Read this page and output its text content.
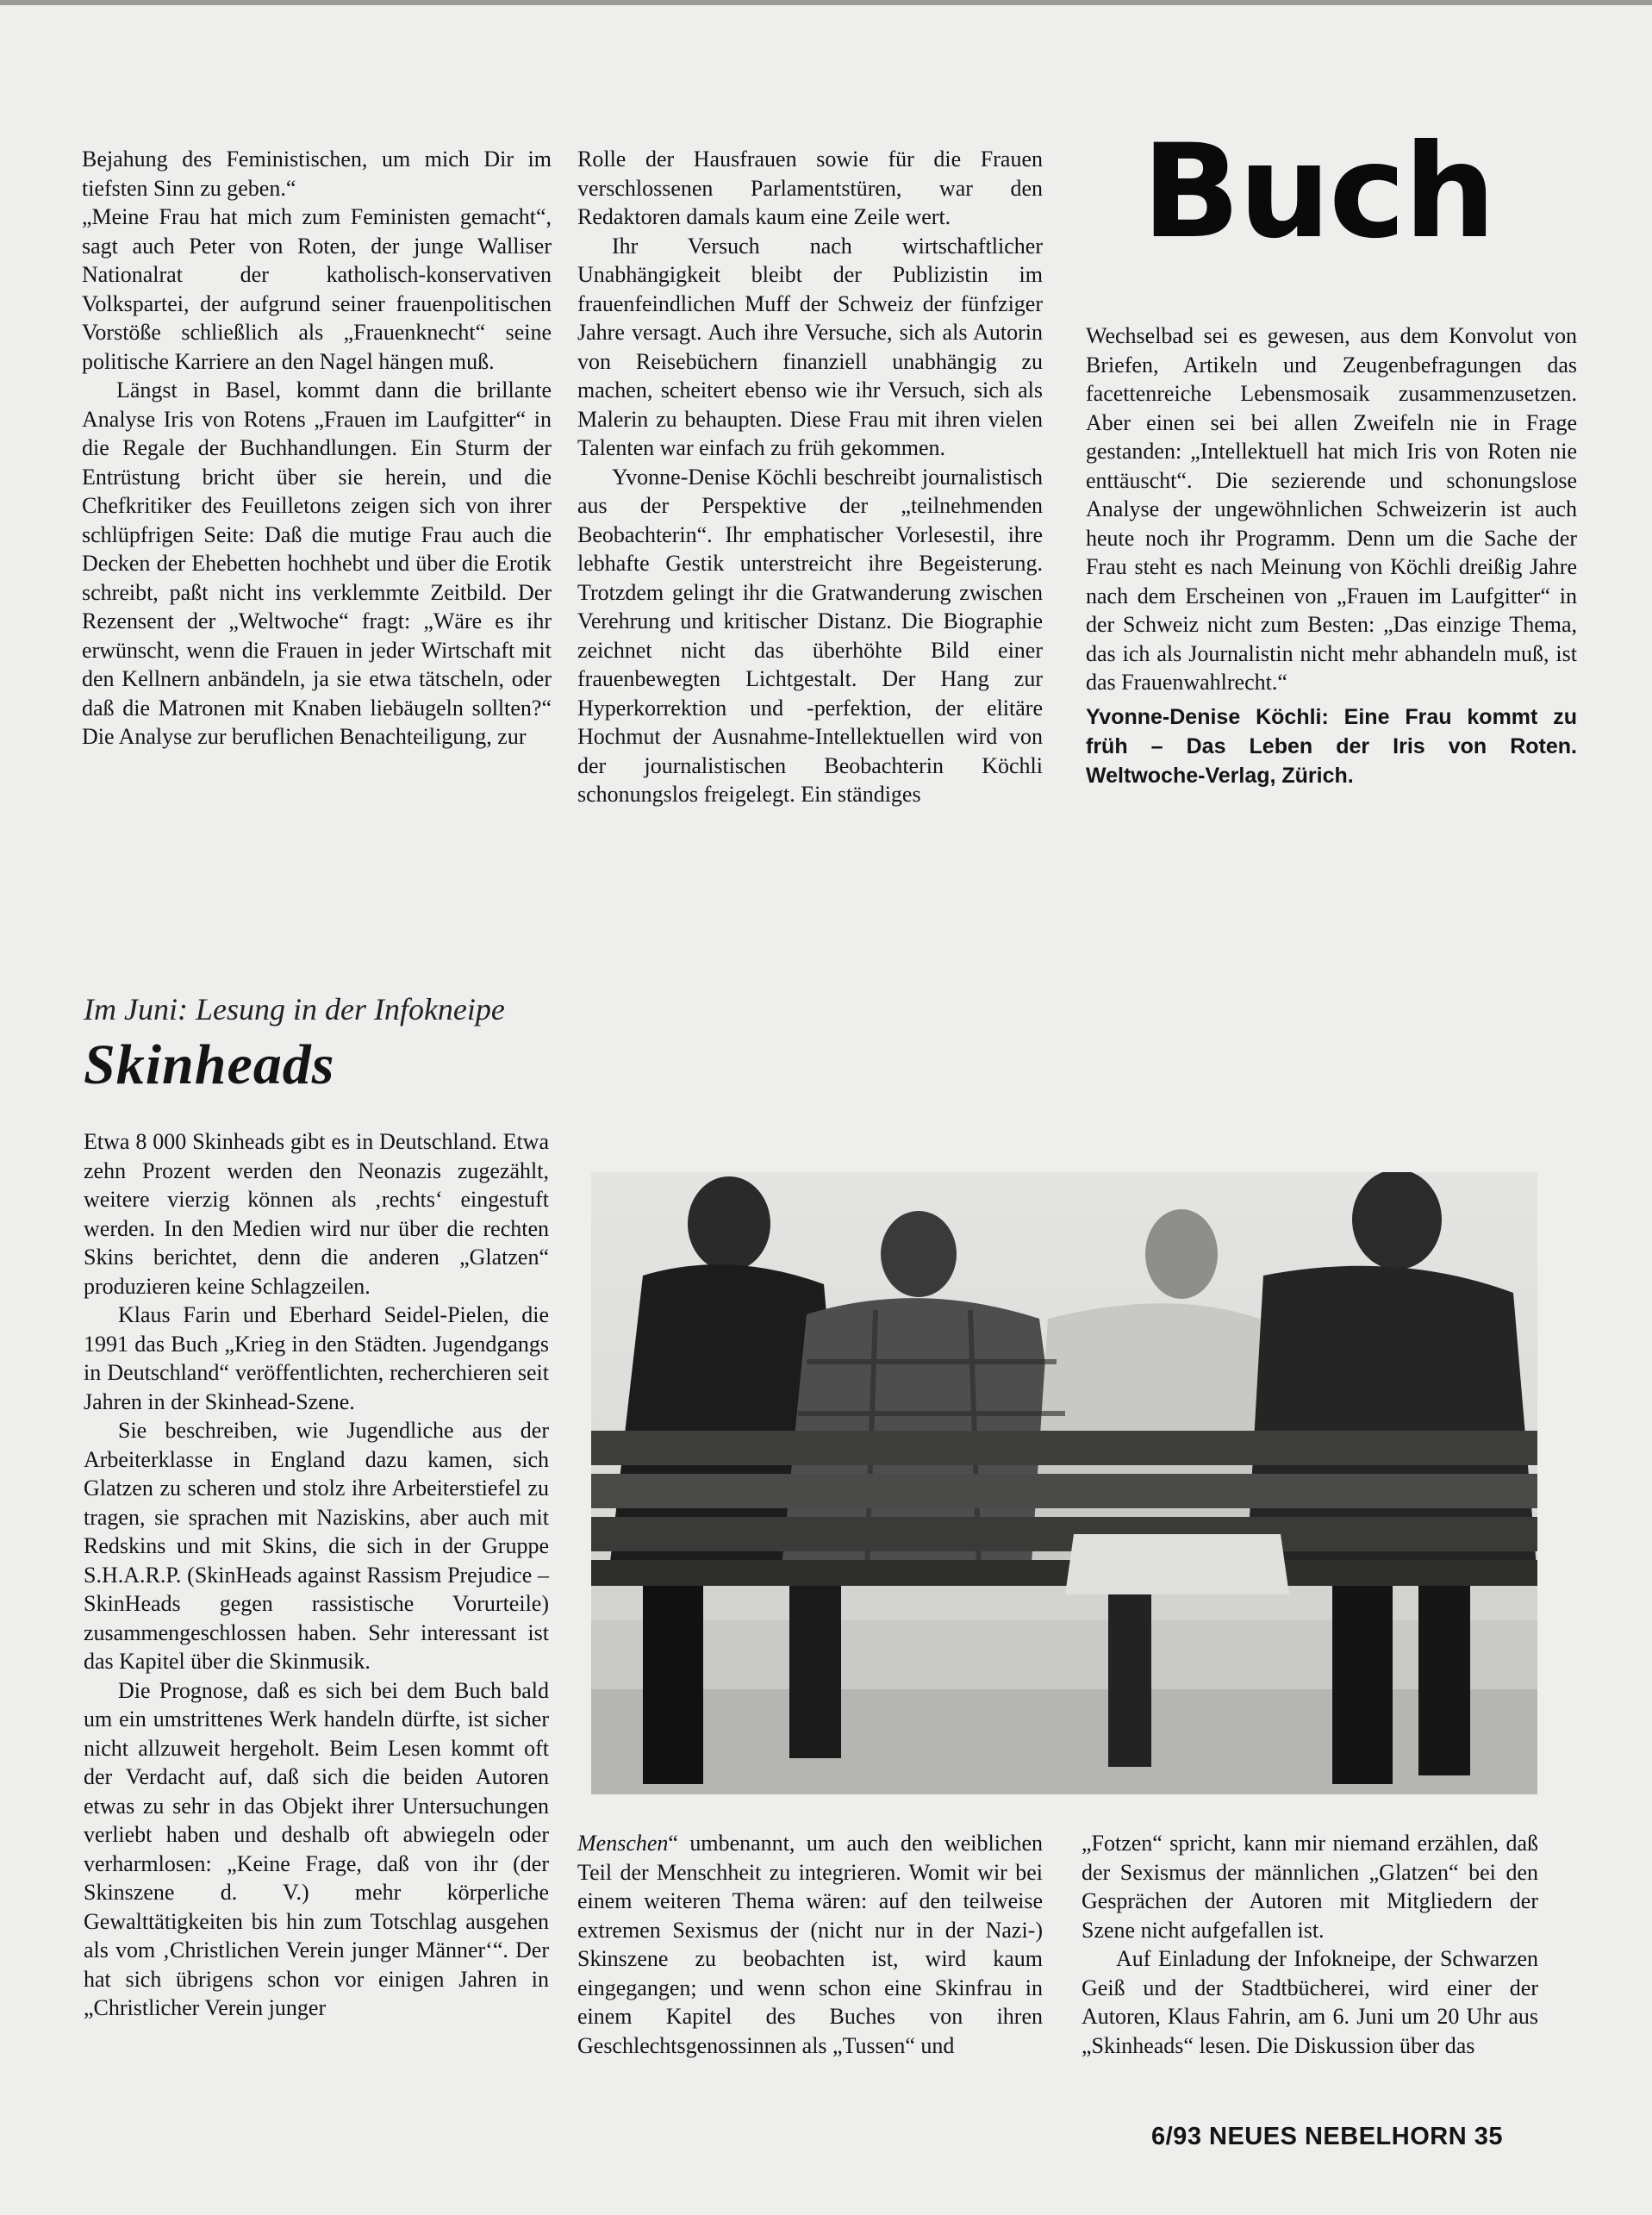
Bejahung des Feministischen, um mich Dir im tiefsten Sinn zu geben.“

„Meine Frau hat mich zum Feministen gemacht“, sagt auch Peter von Roten, der junge Walliser Nationalrat der katholisch-konservativen Volkspartei, der aufgrund seiner frauenpolitischen Vorstöße schließlich als „Frauenknecht“ seine politische Karriere an den Nagel hängen muß.

Längst in Basel, kommt dann die brillante Analyse Iris von Rotens „Frauen im Laufgitter“ in die Regale der Buchhandlungen. Ein Sturm der Entrüstung bricht über sie herein, und die Chefkritiker des Feuilletons zeigen sich von ihrer schlüpfrigen Seite: Daß die mutige Frau auch die Decken der Ehebetten hochhebt und über die Erotik schreibt, paßt nicht ins verklemmte Zeitbild. Der Rezensent der „Weltwoche“ fragt: „Wäre es ihr erwünscht, wenn die Frauen in jeder Wirtschaft mit den Kellnern anbändeln, ja sie etwa tätscheln, oder daß die Matronen mit Knaben liebäugeln sollten?“ Die Analyse zur beruflichen Benachteiligung, zur

Rolle der Hausfrauen sowie für die Frauen verschlossenen Parlamentstüren, war den Redaktoren damals kaum eine Zeile wert.

Ihr Versuch nach wirtschaftlicher Unabhängigkeit bleibt der Publizistin im frauenfeindlichen Muff der Schweiz der fünfziger Jahre versagt. Auch ihre Versuche, sich als Autorin von Reisebüchern finanziell unabhängig zu machen, scheitert ebenso wie ihr Versuch, sich als Malerin zu behaupten. Diese Frau mit ihren vielen Talenten war einfach zu früh gekommen.

Yvonne-Denise Köchli beschreibt journalistisch aus der Perspektive der „teilnehmenden Beobachterin“. Ihr emphatischer Vorlesestil, ihre lebhafte Gestik unterstreicht ihre Begeisterung. Trotzdem gelingt ihr die Gratwanderung zwischen Verehrung und kritischer Distanz. Die Biographie zeichnet nicht das überhöhte Bild einer frauenbewegten Lichtgestalt. Der Hang zur Hyperkorrektion und -perfektion, der elitäre Hochmut der Ausnahme-Intellektuellen wird von der journalistischen Beobachterin Köchli schonungslos freigelegt. Ein ständiges

Buch

Wechselbad sei es gewesen, aus dem Konvolut von Briefen, Artikeln und Zeugenbefragungen das facettenreiche Lebensmosaik zusammenzusetzen. Aber einen sei bei allen Zweifeln nie in Frage gestanden: „Intellektuell hat mich Iris von Roten nie enttäuscht“. Die sezierende und schonungslose Analyse der ungewöhnlichen Schweizerin ist auch heute noch ihr Programm. Denn um die Sache der Frau steht es nach Meinung von Köchli dreißig Jahre nach dem Erscheinen von „Frauen im Laufgitter“ in der Schweiz nicht zum Besten: „Das einzige Thema, das ich als Journalistin nicht mehr abhandeln muß, ist das Frauenwahlrecht.“

Yvonne-Denise Köchli: Eine Frau kommt zu früh – Das Leben der Iris von Roten. Weltwoche-Verlag, Zürich.
Im Juni: Lesung in der Infokneipe
Skinheads

Etwa 8 000 Skinheads gibt es in Deutschland. Etwa zehn Prozent werden den Neonazis zugezählt, weitere vierzig können als ‚rechts‘ eingestuft werden. In den Medien wird nur über die rechten Skins berichtet, denn die anderen „Glatzen“ produzieren keine Schlagzeilen.

Klaus Farin und Eberhard Seidel-Pielen, die 1991 das Buch „Krieg in den Städten. Jugendgangs in Deutschland“ veröffentlichten, recherchieren seit Jahren in der Skinhead-Szene.

Sie beschreiben, wie Jugendliche aus der Arbeiterklasse in England dazu kamen, sich Glatzen zu scheren und stolz ihre Arbeiterstiefel zu tragen, sie sprachen mit Naziskins, aber auch mit Redskins und mit Skins, die sich in der Gruppe S.H.A.R.P. (SkinHeads against Rassism Prejudice – SkinHeads gegen rassistische Vorurteile) zusammengeschlossen haben. Sehr interessant ist das Kapitel über die Skinmusik.

Die Prognose, daß es sich bei dem Buch bald um ein umstrittenes Werk handeln dürfte, ist sicher nicht allzuweit hergeholt. Beim Lesen kommt oft der Verdacht auf, daß sich die beiden Autoren etwas zu sehr in das Objekt ihrer Untersuchungen verliebt haben und deshalb oft abwiegeln oder verharmlosen: „Keine Frage, daß von ihr (der Skinszene d. V.) mehr körperliche Gewalttätigkeiten bis hin zum Totschlag ausgehen als vom ‚Christlichen Verein junger Männer‘“. Der hat sich übrigens schon vor einigen Jahren in „Christlicher Verein junger

Menschen“ umbenannt, um auch den weiblichen Teil der Menschheit zu integrieren. Womit wir bei einem weiteren Thema wären: auf den teilweise extremen Sexismus der (nicht nur in der Nazi-) Skinszene zu beobachten ist, wird kaum eingegangen; und wenn schon eine Skinfrau in einem Kapitel des Buches von ihren Geschlechtsgenossinnen als „Tussen“ und

„Fotzen“ spricht, kann mir niemand erzählen, daß der Sexismus der männlichen „Glatzen“ bei den Gesprächen der Autoren mit Mitgliedern der Szene nicht aufgefallen ist.

Auf Einladung der Infokneipe, der Schwarzen Geiß und der Stadtbücherei, wird einer der Autoren, Klaus Fahrin, am 6. Juni um 20 Uhr aus „Skinheads“ lesen. Die Diskussion über das

6/93 NEUES NEBELHORN 35
